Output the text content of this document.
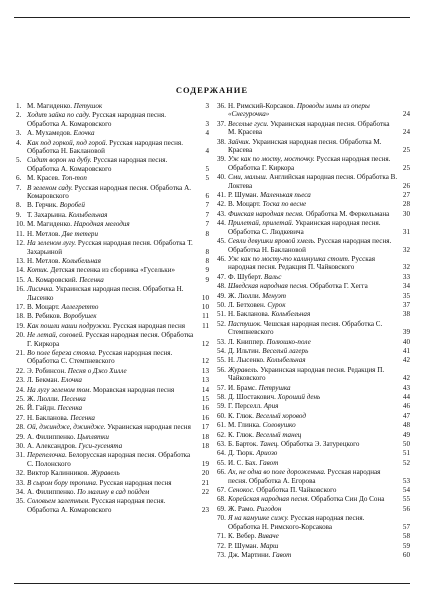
СОДЕРЖАНИЕ
1. М. Магиденко. Петушок	3
2. Ходит зайка по саду. Русская народная песня. Обработка А. Комаровского	3
3. А. Мухамедов. Елочка	4
4. Как под горкой, под горой. Русская народная песня. Обработка Н. Баклановой	4
5. Сидит ворон на дубу. Русская народная песня. Обработка А. Комаровского	5
6. М. Красев. Топ-топ	5
7. В зеленом саду. Русская народная песня. Обработка А. Комаровского	6
8. В. Герчик. Воробей	7
9. Т. Захарьина. Колыбельная	7
10. М. Магиденко. Народная мелодия	7
11. Н. Метлов. Две тетери	8
12. На зеленом лугу. Русская народная песня. Обработка Т. Захарьиной	8
13. Н. Метлов. Колыбельная	8
14. Котик. Детская песенка из сборника «Гусельки»	9
15. А. Комаровский. Песенка	9
16. Лисичка. Украинская народная песня. Обработка Н. Лысенко	10
17. В. Моцарт. Аллегретто	10
18. В. Ребиков. Воробушек	11
19. Как пошли наши подружки. Русская народная песня	11
20. Не летай, соловей. Русская народная песня. Обработка Г. Киркора	12
21. Во поле береза стояла. Русская народная песня. Обработка С. Стемпневского	12
22. Э. Робинсон. Песня о Джо Хилле	13
23. Л. Бекман. Елочка	13
24. На лугу зеленом том. Моравская народная песня	14
25. Ж. Люлли. Песенка	15
26. Й. Гайдн. Песенка	16
27. Н. Бакланова. Песенка	16
28. Ой, джиндже, джиндже. Украинская народная песня	17
29. А. Филиппенко. Цыплятки	18
30. А. Александров. Гуси-гусенята	18
31. Перепелочка. Белорусская народная песня. Обработка С. Полонского	19
32. Виктор Калинников. Журавель	20
33. В сыром бору тропина. Русская народная песня	21
34. А. Филиппенко. По малину в сад пойдем	22
35. Соловьем залетным. Русская народная песня. Обработка А. Комаровского	23
36. Н. Римский-Корсаков. Проводы зимы из оперы «Снегурочка»	24
37. Веселые гуси. Украинская народная песня. Обработка М. Красева	24
38. Зайчик. Украинская народная песня. Обработка М. Красева	25
39. Уж как по мосту, мосточку. Русская народная песня. Обработка Г. Киркора	25
40. Сми, малыш. Английская народная песня. Обработка В. Локтева	26
41. Р. Шуман. Маленькая пьеса	27
42. В. Моцарт. Тоска по весне	28
43. Финская народная песня. Обработка М. Феркельмана	30
44. Прилетай, прилетай. Украинская народная песня. Обработка С. Людкевича	31
45. Сеяли девушки яровой хмель. Русская народная песня. Обработка Н. Баклановой	32
46. Уж как по мосту-то калинушка стоит. Русская народная песня. Редакция П. Чайковского	32
47. Ф. Шуберт. Вальс	33
48. Шведская народная песня. Обработка Г. Хегга	34
49. Ж. Люлли. Менуэт	35
50. Л. Бетховен. Сурок	37
51. Н. Бакланова. Колыбельная	38
52. Пастушок. Чешская народная песня. Обработка С. Стемпневского	39
53. Л. Книппер. Полюшко-поле	40
54. Д. Ильтин. Веселый лагерь	41
55. Н. Лысенко. Колыбельная	42
56. Журавель. Украинская народная песня. Редакция П. Чайковского	42
57. И. Брамс. Петрушка	43
58. Д. Шостакович. Хороший день	44
59. Г. Перселл. Ария	46
60. К. Глюк. Веселый хоровод	47
61. М. Глинка. Соловушко	48
62. К. Глюк. Веселый танец	49
63. Б. Барток. Танец. Обработка Э. Затурецкого	50
64. Д. Тюрк. Ариозо	51
65. И. С. Бах. Гавот	52
66. Ах, не одна во поле дороженька. Русская народная песня. Обработка А. Егорова	53
67. Сенокос. Обработка П. Чайковского	54
68. Корейская народная песня. Обработка Син До Сона	55
69. Ж. Рамо. Ригодон	56
70. Я на камушке сижу. Русская народная песня. Обработка Н. Римского-Корсакова	57
71. К. Вебер. Виваче	58
72. Р. Шуман. Марш	59
73. Дж. Мартини. Гавот	60
